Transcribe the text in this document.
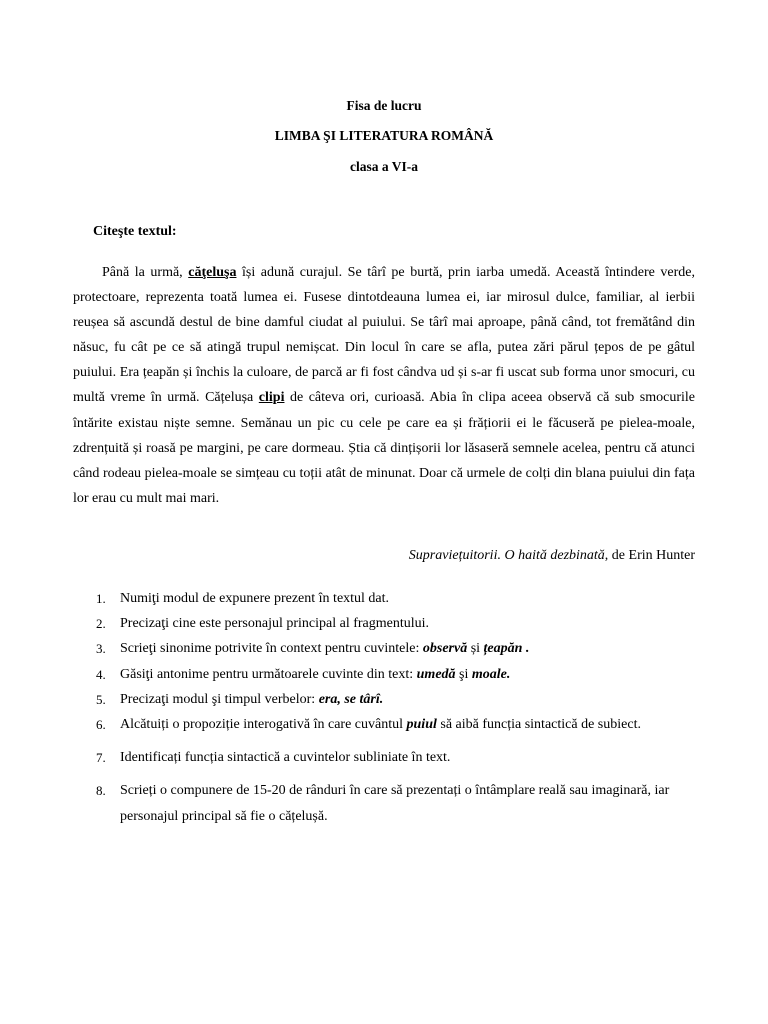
Fisa de lucru
LIMBA ŞI LITERATURA ROMÂNĂ
clasa a VI-a
Citeşte textul:

Până la urmă, căţeluşa își adună curajul. Se târî pe burtă, prin iarba umedă. Această întindere verde, protectoare, reprezenta toată lumea ei. Fusese dintotdeauna lumea ei, iar mirosul dulce, familiar, al ierbii reușea să ascundă destul de bine damful ciudat al puiului. Se târî mai aproape, până când, tot fremătând din năsuc, fu cât pe ce să atingă trupul nemișcat. Din locul în care se afla, putea zări părul țepos de pe gâtul puiului. Era țeapăn și închis la culoare, de parcă ar fi fost cândva ud și s-ar fi uscat sub forma unor smocuri, cu multă vreme în urmă. Cățelușa clipi de câteva ori, curioasă. Abia în clipa aceea observă că sub smocurile întărite existau niște semne. Semănau un pic cu cele pe care ea și frățiorii ei le făcuseră pe pielea-moale, zdrențuită și roasă pe margini, pe care dormeau. Știa că dințișorii lor lăsaseră semnele acelea, pentru că atunci când rodeau pielea-moale se simțeau cu toții atât de minunat. Doar că urmele de colți din blana puiului din fața lor erau cu mult mai mari.

Supraviețuitorii. O haită dezbinată, de Erin Hunter
1. Numiţi modul de expunere prezent în textul dat.
2. Precizaţi cine este personajul principal al fragmentului.
3. Scrieţi sinonime potrivite în context pentru cuvintele: observă și țeapăn .
4. Găsiţi antonime pentru următoarele cuvinte din text: umedă şi moale.
5. Precizaţi modul şi timpul verbelor: era, se târî.
6. Alcătuiți o propoziție interogativă în care cuvântul puiul să aibă funcția sintactică de subiect.
7. Identificați funcția sintactică a cuvintelor subliniate în text.
8. Scrieți o compunere de 15-20 de rânduri în care să prezentați o întâmplare reală sau imaginară, iar personajul principal să fie o cățelușă.
